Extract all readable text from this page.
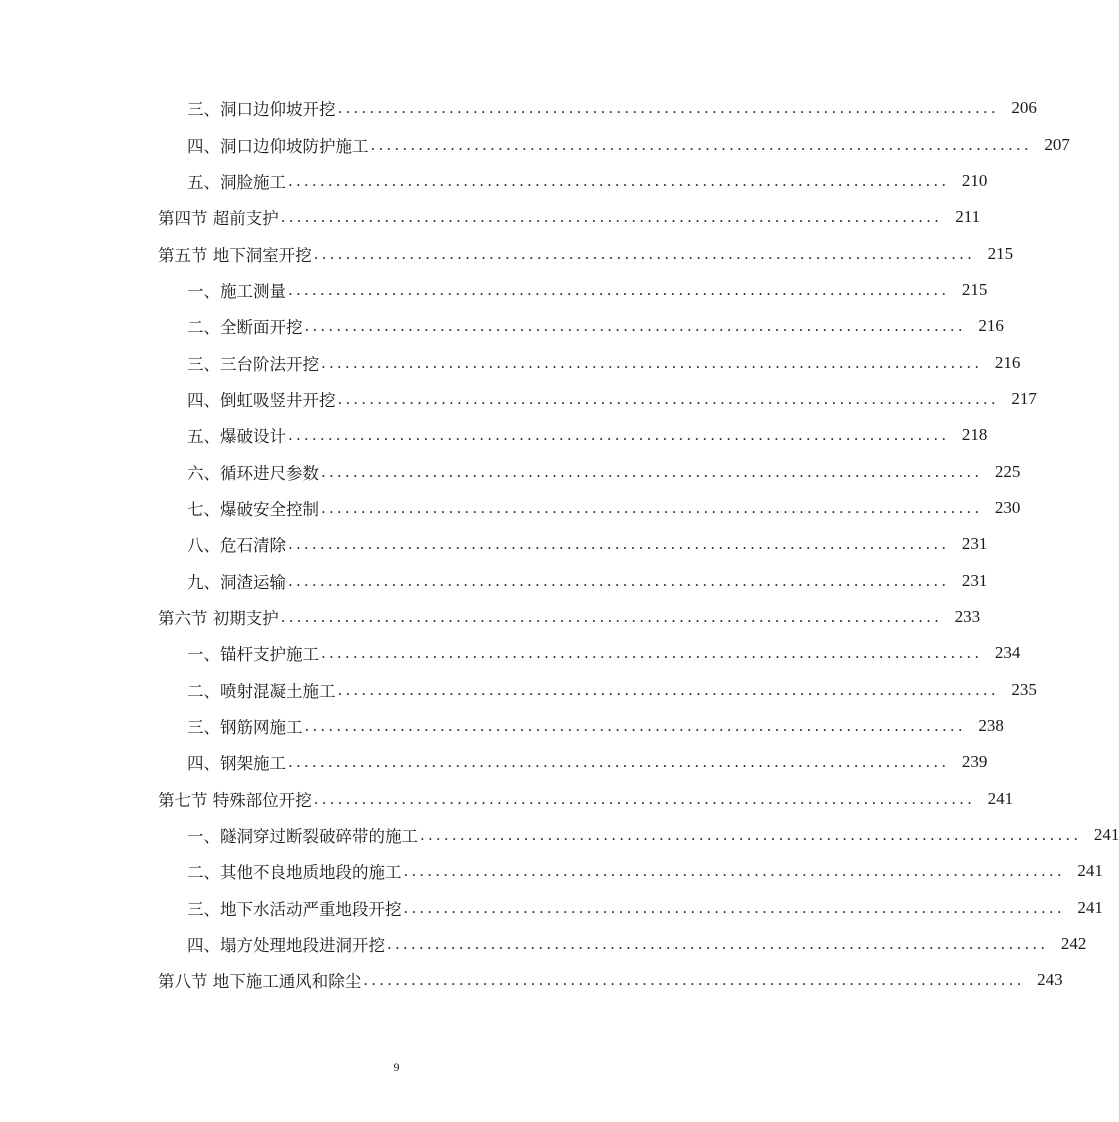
三、洞口边仰坡开挖 ................................................................................... 206
四、洞口边仰坡防护施工 ................................................................................... 207
五、洞脸施工 ................................................................................... 210
第四节 超前支护 ................................................................................... 211
第五节 地下洞室开挖 ................................................................................... 215
一、施工测量 ................................................................................... 215
二、全断面开挖 ................................................................................... 216
三、三台阶法开挖 ................................................................................... 216
四、倒虹吸竖井开挖 ................................................................................... 217
五、爆破设计 ................................................................................... 218
六、循环进尺参数 ................................................................................... 225
七、爆破安全控制 ................................................................................... 230
八、危石清除 ................................................................................... 231
九、洞渣运输 ................................................................................... 231
第六节 初期支护 ................................................................................... 233
一、锚杆支护施工 ................................................................................... 234
二、喷射混凝土施工 ................................................................................... 235
三、钢筋网施工 ................................................................................... 238
四、钢架施工 ................................................................................... 239
第七节 特殊部位开挖 ................................................................................... 241
一、隧洞穿过断裂破碎带的施工 ................................................................................... 241
二、其他不良地质地段的施工 ................................................................................... 241
三、地下水活动严重地段开挖 ................................................................................... 241
四、塌方处理地段进洞开挖 ................................................................................... 242
第八节 地下施工通风和除尘 ................................................................................... 243
9
